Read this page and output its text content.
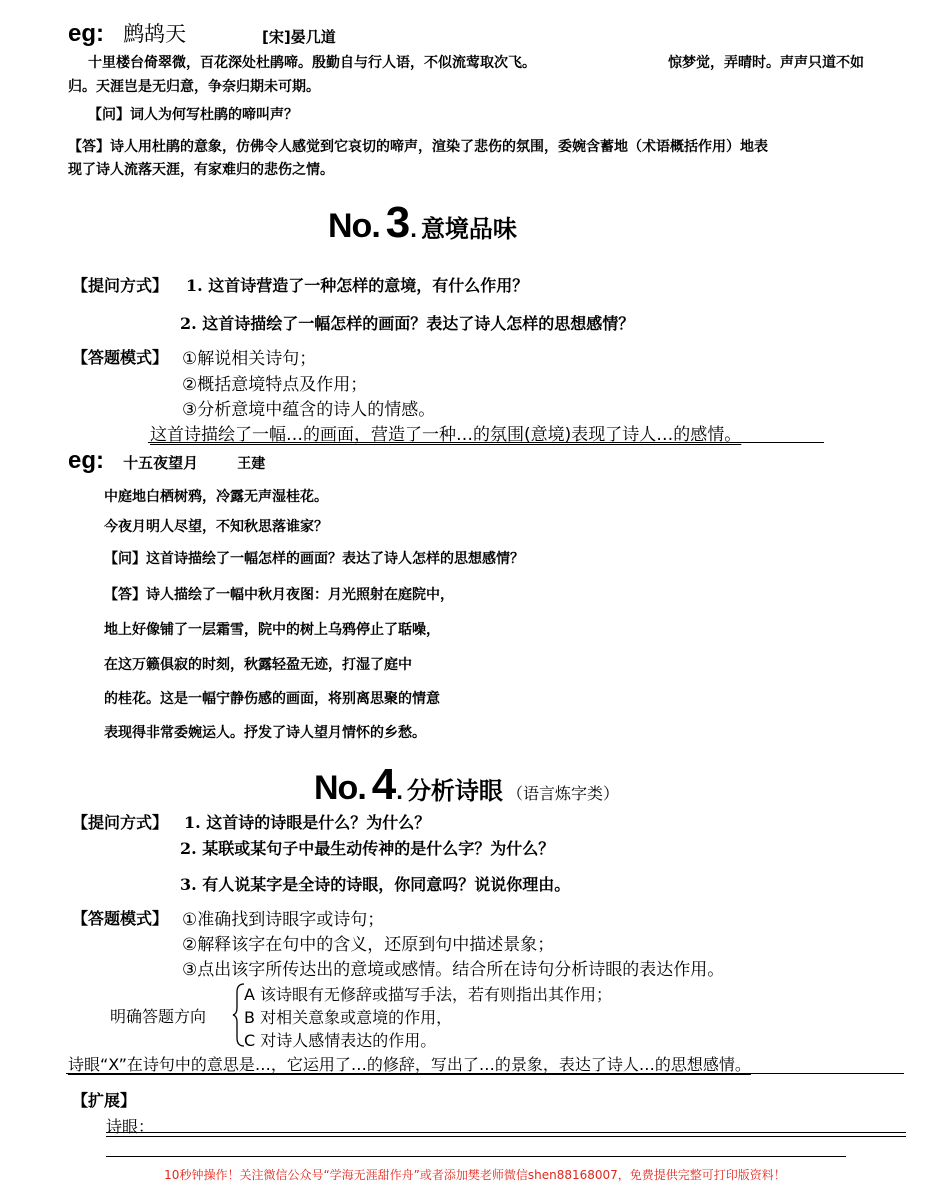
eg: 鹧鸪天	[宋]晏几道
十里楼台倚翠微，百花深处杜鹃啼。殷勤自与行人语，不似流莺取次飞。	惊梦觉，弄晴时。声声只道不如
归。天涯岂是无归意，争奈归期未可期。
【问】词人为何写杜鹃的啼叫声？
【答】诗人用杜鹃的意象，仿佛令人感觉到它哀切的啼声，渲染了悲伤的氛围，委婉含蓄地（术语概括作用）地表
现了诗人流落天涯，有家难归的悲伤之情。
No. 3. 意境品味
【提问方式】 1. 这首诗营造了一种怎样的意境，有什么作用？
2. 这首诗描绘了一幅怎样的画面？表达了诗人怎样的思想感情？
【答题模式】 ①解说相关诗句；
②概括意境特点及作用；
③分析意境中蕴含的诗人的情感。
这首诗描绘了一幅…的画面，营造了一种…的氛围(意境)表现了诗人…的感情。
eg: 十五夜望月	王建
中庭地白栖树鸦，冷露无声湿桂花。
今夜月明人尽望，不知秋思落谁家？
【问】这首诗描绘了一幅怎样的画面？表达了诗人怎样的思想感情？
【答】诗人描绘了一幅中秋月夜图：月光照射在庭院中，
地上好像铺了一层霜雪，院中的树上乌鸦停止了聒噪，
在这万籁俱寂的时刻，秋露轻盈无迹，打湿了庭中
的桂花。这是一幅宁静伤感的画面，将别离思聚的情意
表现得非常委婉运人。抒发了诗人望月情怀的乡愁。
No. 4. 分析诗眼 （语言炼字类）
【提问方式】 1. 这首诗的诗眼是什么？为什么？
2. 某联或某句子中最生动传神的是什么字？为什么？
3. 有人说某字是全诗的诗眼，你同意吗？说说你理由。
【答题模式】 ①准确找到诗眼字或诗句；
②解释该字在句中的含义，还原到句中描述景象；
③点出该字所传达出的意境或感情。结合所在诗句分析诗眼的表达作用。
明确答题方向
A 该诗眼有无修辞或描写手法，若有则指出其作用；
B 对相关意象或意境的作用，
C 对诗人感情表达的作用。
诗眼“X”在诗句中的意思是…，它运用了…的修辞，写出了…的景象，表达了诗人…的思想感情。
【扩展】
诗眼：
10秒钟操作！关注微信公众号“学海无涯甜作舟”或者添加樊老师微信shen88168007，免费提供完整可打印版资料！
